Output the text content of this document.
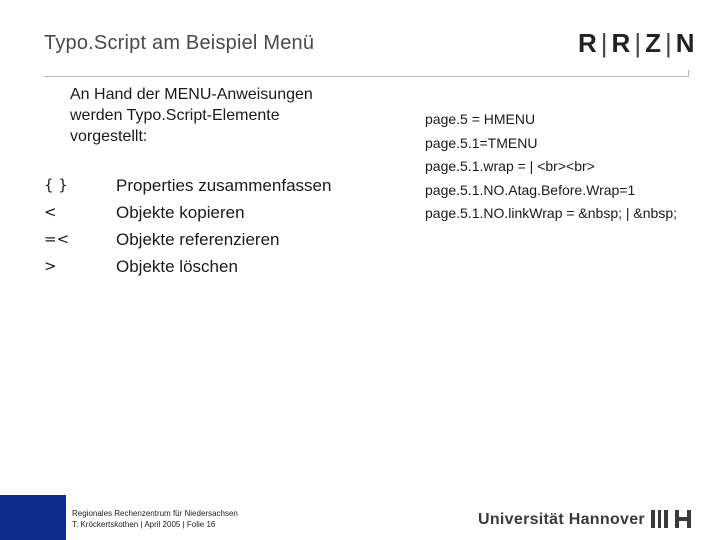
Typo.Script am Beispiel Menü	R | R | Z | N
An Hand der MENU-Anweisungen
werden Typo.Script-Elemente
vorgestellt:
{ }	Properties zusammenfassen
<	Objekte kopieren
=<	Objekte referenzieren
>	Objekte löschen
page.5 = HMENU
page.5.1=TMENU
page.5.1.wrap = | <br><br>
page.5.1.NO.Atag.Before.Wrap=1
page.5.1.NO.linkWrap = &nbsp; | &nbsp;
Regionales Rechenzentrum für Niedersachsen
T. Kröckertskothen | April 2005 | Folie 16	Universität Hannover
